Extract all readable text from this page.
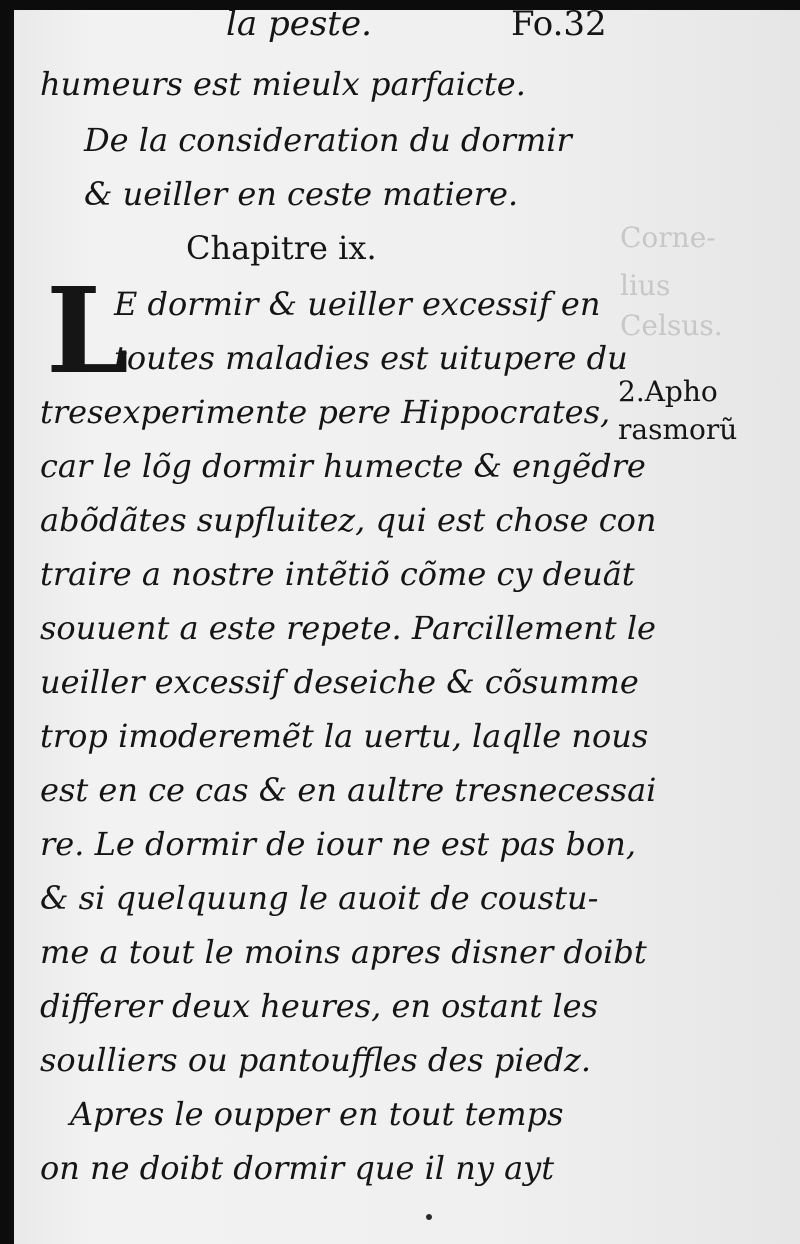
la peste.	Fo.32
humeurs est mieulx parfaicte.
De la consideration du dormir
& ueiller en ceste matiere.
Chapitre ix.
L
E dormir & ueiller excessif en
toutes maladies est uitupere du
tresexperimente pere Hippocrates,
car le lõg dormir humecte & engẽdre
abõdãtes supfluitez, qui est chose con
traire a nostre intẽtiõ cõme cy deuãt
souuent a este repete. Parcillement le
ueiller excessif deseiche & cõsumme
trop imoderemẽt la uertu, laqlle nous
est en ce cas & en aultre tresnecessai
re. Le dormir de iour ne est pas bon,
& si quelquung le auoit de coustu-
me a tout le moins apres disner doibt
differer deux heures, en ostant les
soulliers ou pantouffles des piedz.
Apres le oupper en tout temps
on ne doibt dormir que il ny ayt
Corne-
lius
Celsus.
2.Apho
rasmorũ
